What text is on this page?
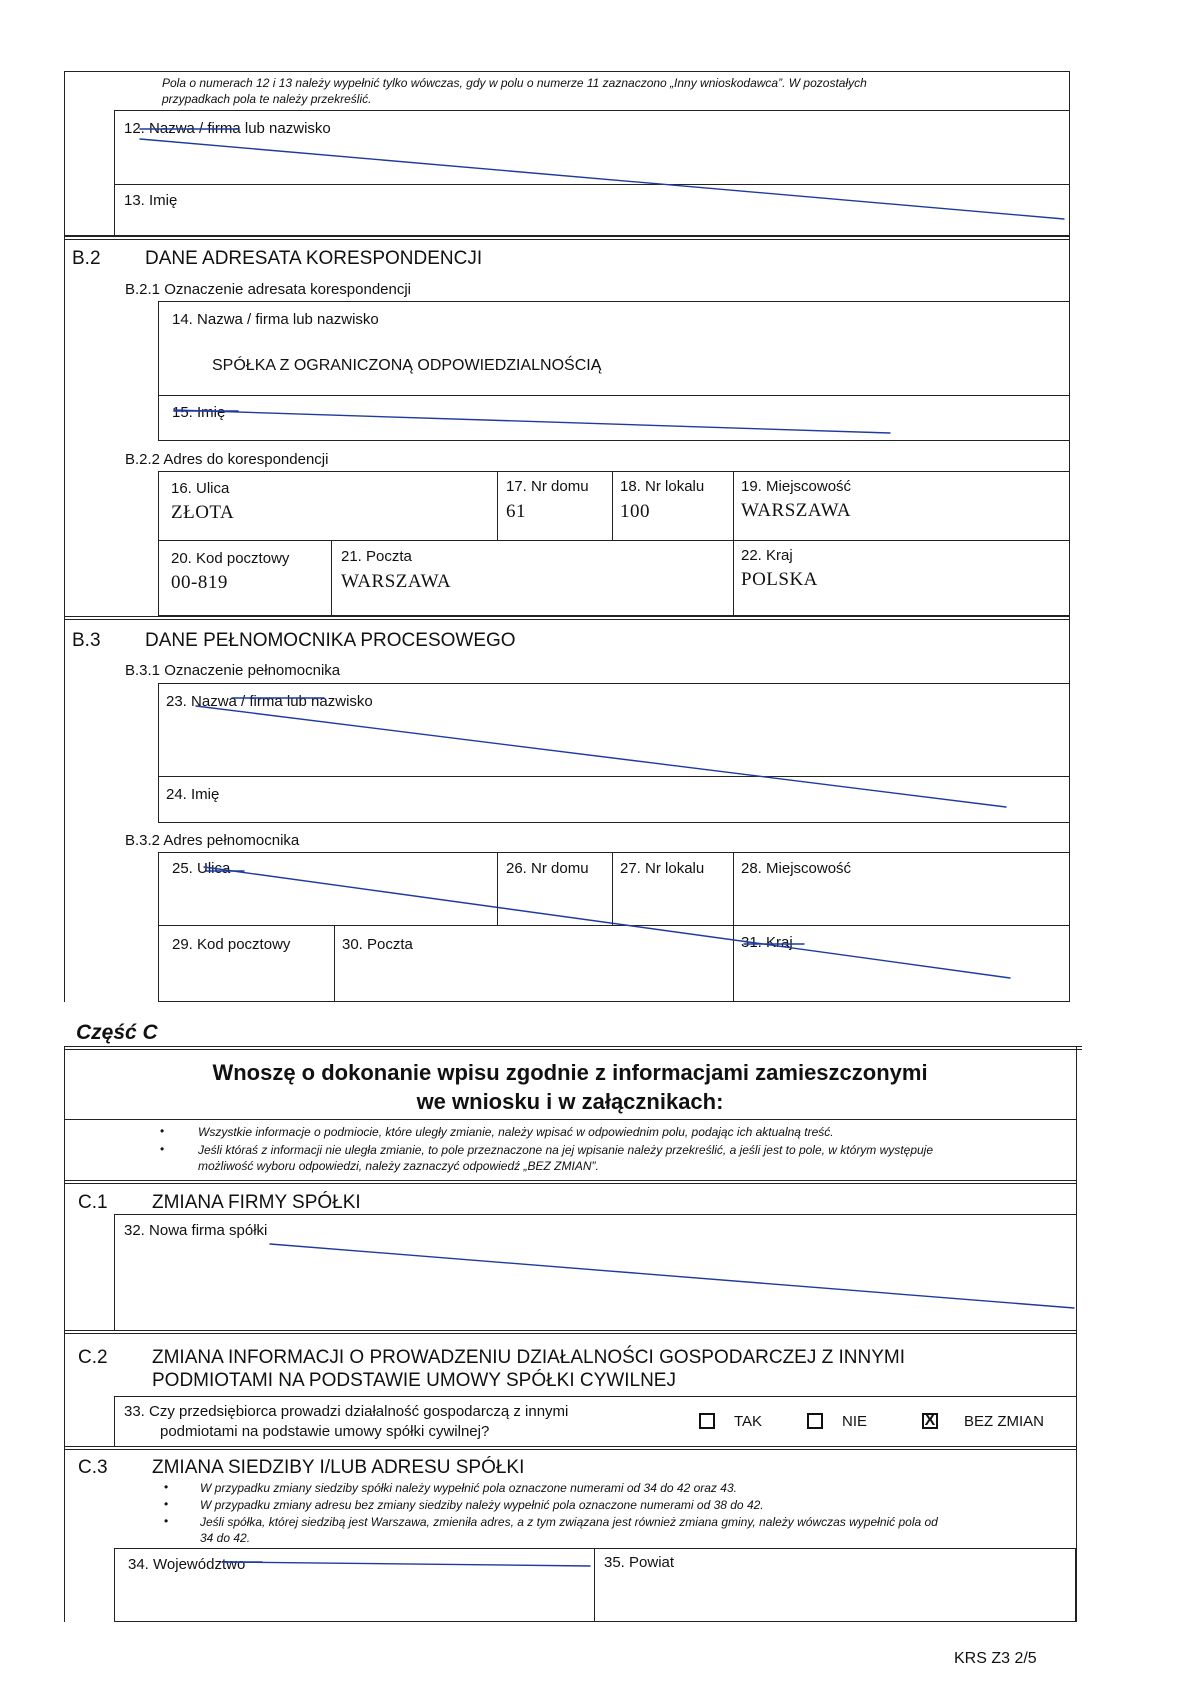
Pola o numerach 12 i 13 należy wypełnić tylko wówczas, gdy w polu o numerze 11 zaznaczono „Inny wnioskodawca”. W pozostałych
przypadkach pola te należy przekreślić.
12. Nazwa / firma lub nazwisko
13. Imię
B.2 DANE ADRESATA KORESPONDENCJI
B.2.1 Oznaczenie adresata korespondencji
14. Nazwa / firma lub nazwisko
SPÓŁKA Z OGRANICZONĄ ODPOWIEDZIALNOŚCIĄ
15. Imię
B.2.2 Adres do korespondencji
16. Ulica
ZŁOTA
17. Nr domu
61
18. Nr lokalu
100
19. Miejscowość
WARSZAWA
20. Kod pocztowy
00-819
21. Poczta
WARSZAWA
22. Kraj
POLSKA
B.3 DANE PEŁNOMOCNIKA PROCESOWEGO
B.3.1 Oznaczenie pełnomocnika
23. Nazwa / firma lub nazwisko
24. Imię
B.3.2 Adres pełnomocnika
25. Ulica	26. Nr domu 27. Nr lokalu 28. Miejscowość
29. Kod pocztowy	30. Poczta	31. Kraj
Część C
Wnoszę o dokonanie wpisu zgodnie z informacjami zamieszczonymi
we wniosku i w załącznikach:
•	Wszystkie informacje o podmiocie, które uległy zmianie, należy wpisać w odpowiednim polu, podając ich aktualną treść.
•	Jeśli któraś z informacji nie uległa zmianie, to pole przeznaczone na jej wpisanie należy przekreślić, a jeśli jest to pole, w którym występuje
możliwość wyboru odpowiedzi, należy zaznaczyć odpowiedź „BEZ ZMIAN”.
C.1 ZMIANA FIRMY SPÓŁKI
32. Nowa firma spółki
C.2 ZMIANA INFORMACJI O PROWADZENIU DZIAŁALNOŚCI GOSPODARCZEJ Z INNYMI
PODMIOTAMI NA PODSTAWIE UMOWY SPÓŁKI CYWILNEJ
33. Czy przedsiębiorca prowadzi działalność gospodarczą z innymi
podmiotami na podstawie umowy spółki cywilnej?
TAK	NIE	X BEZ ZMIAN
C.3 ZMIANA SIEDZIBY I/LUB ADRESU SPÓŁKI
•	W przypadku zmiany siedziby spółki należy wypełnić pola oznaczone numerami od 34 do 42 oraz 43.
•	W przypadku zmiany adresu bez zmiany siedziby należy wypełnić pola oznaczone numerami od 38 do 42.
•	Jeśli spółka, której siedzibą jest Warszawa, zmieniła adres, a z tym związana jest również zmiana gminy, należy wówczas wypełnić pola od
34 do 42.
34. Województwo	35. Powiat
KRS Z3 2/5
